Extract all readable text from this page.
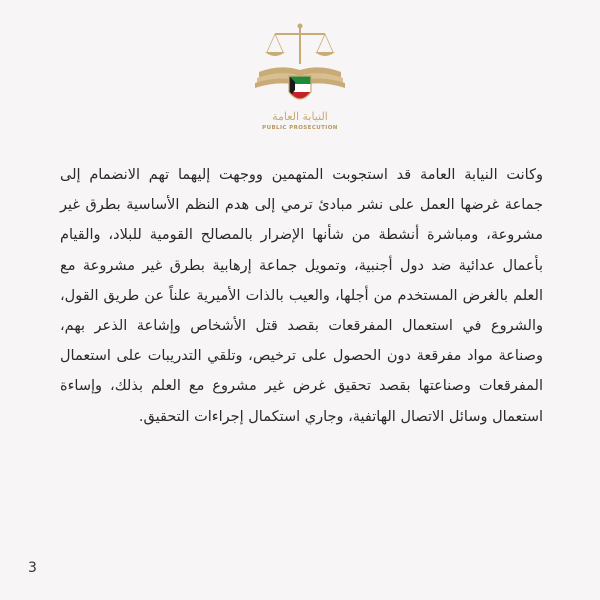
النيابة العامة
PUBLIC PROSECUTION
وكانت النيابة العامة قد استجوبت المتهمين ووجهت إليهما تهم الانضمام إلى جماعة غرضها العمل على نشر مبادئ ترمي إلى هدم النظم الأساسية بطرق غير مشروعة، ومباشرة أنشطة من شأنها الإضرار بالمصالح القومية للبلاد، والقيام بأعمال عدائية ضد دول أجنبية، وتمويل جماعة إرهابية بطرق غير مشروعة مع العلم بالغرض المستخدم من أجلها، والعيب بالذات الأميرية علناً عن طريق القول، والشروع في استعمال المفرقعات بقصد قتل الأشخاص وإشاعة الذعر بهم، وصناعة مواد مفرقعة دون الحصول على ترخيص، وتلقي التدريبات على استعمال المفرقعات وصناعتها بقصد تحقيق غرض غير مشروع مع العلم بذلك، وإساءة استعمال وسائل الاتصال الهاتفية، وجاري استكمال إجراءات التحقيق.
3
